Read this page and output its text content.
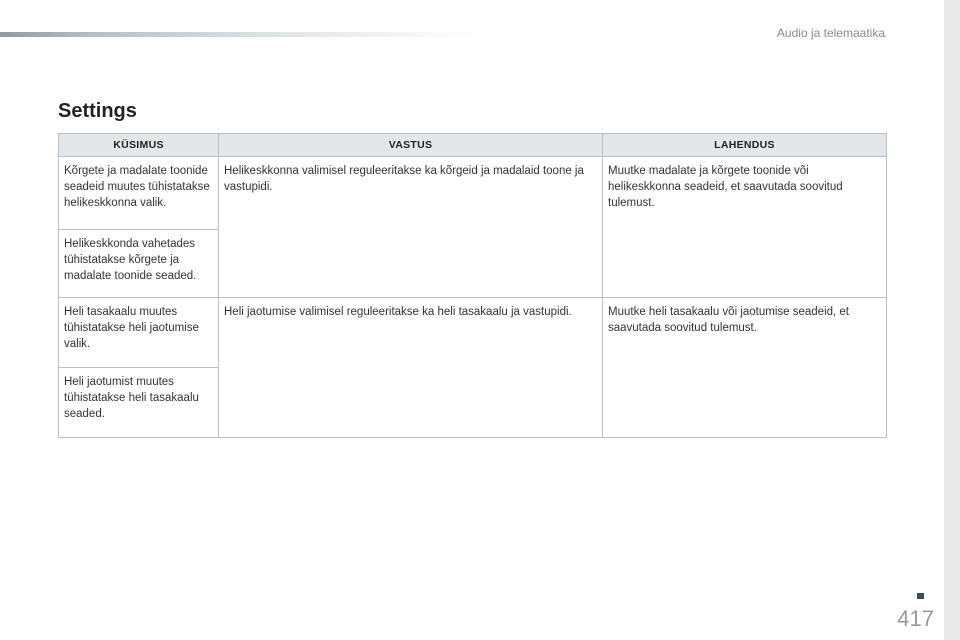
Audio ja telemaatika
Settings
KÜSIMUS	VASTUS	LAHENDUS
Kõrgete ja madalate toonide seadeid muutes tühistatakse helikeskkonna valik.	Helikeskkonna valimisel reguleeritakse ka kõrgeid ja madalaid toone ja vastupidi.	Muutke madalate ja kõrgete toonide või helikeskkonna seadeid, et saavutada soovitud tulemust.
Helikeskkonda vahetades tühistatakse kõrgete ja madalate toonide seaded.		
Heli tasakaalu muutes tühistatakse heli jaotumise valik.	Heli jaotumise valimisel reguleeritakse ka heli tasakaalu ja vastupidi.	Muutke heli tasakaalu või jaotumise seadeid, et saavutada soovitud tulemust.
Heli jaotumist muutes tühistatakse heli tasakaalu seaded.		
417
